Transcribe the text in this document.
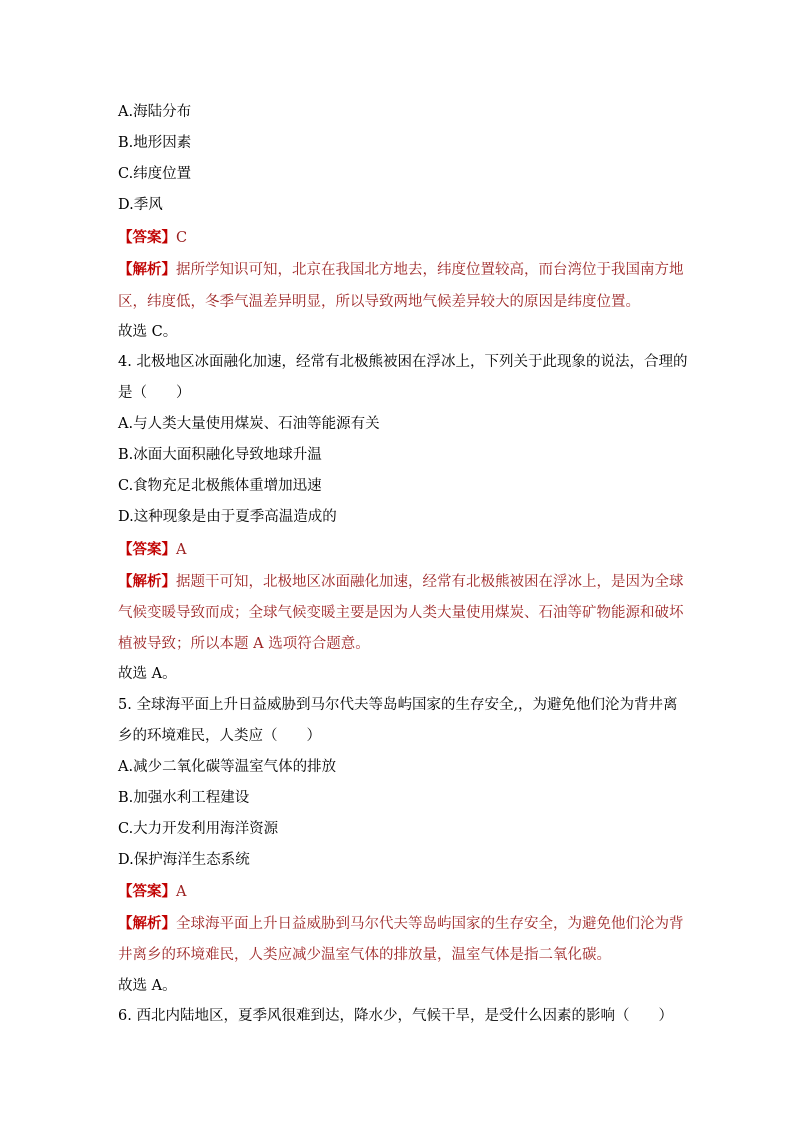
A.海陆分布
B.地形因素
C.纬度位置
D.季风
【答案】C
【解析】据所学知识可知，北京在我国北方地去，纬度位置较高，而台湾位于我国南方地
区，纬度低，冬季气温差异明显，所以导致两地气候差异较大的原因是纬度位置。
故选 C。
4. 北极地区冰面融化加速，经常有北极熊被困在浮冰上，下列关于此现象的说法，合理的
是（　　）
A.与人类大量使用煤炭、石油等能源有关
B.冰面大面积融化导致地球升温
C.食物充足北极熊体重增加迅速
D.这种现象是由于夏季高温造成的
【答案】A
【解析】据题干可知，北极地区冰面融化加速，经常有北极熊被困在浮冰上，是因为全球
气候变暖导致而成；全球气候变暖主要是因为人类大量使用煤炭、石油等矿物能源和破坏
植被导致；所以本题 A 选项符合题意。
故选 A。
5. 全球海平面上升日益威胁到马尔代夫等岛屿国家的生存安全,，为避免他们沦为背井离
乡的环境难民，人类应（　　）
A.减少二氧化碳等温室气体的排放
B.加强水利工程建设
C.大力开发利用海洋资源
D.保护海洋生态系统
【答案】A
【解析】全球海平面上升日益威胁到马尔代夫等岛屿国家的生存安全，为避免他们沦为背
井离乡的环境难民，人类应减少温室气体的排放量，温室气体是指二氧化碳。
故选 A。
6. 西北内陆地区，夏季风很难到达，降水少，气候干旱，是受什么因素的影响（　　）
